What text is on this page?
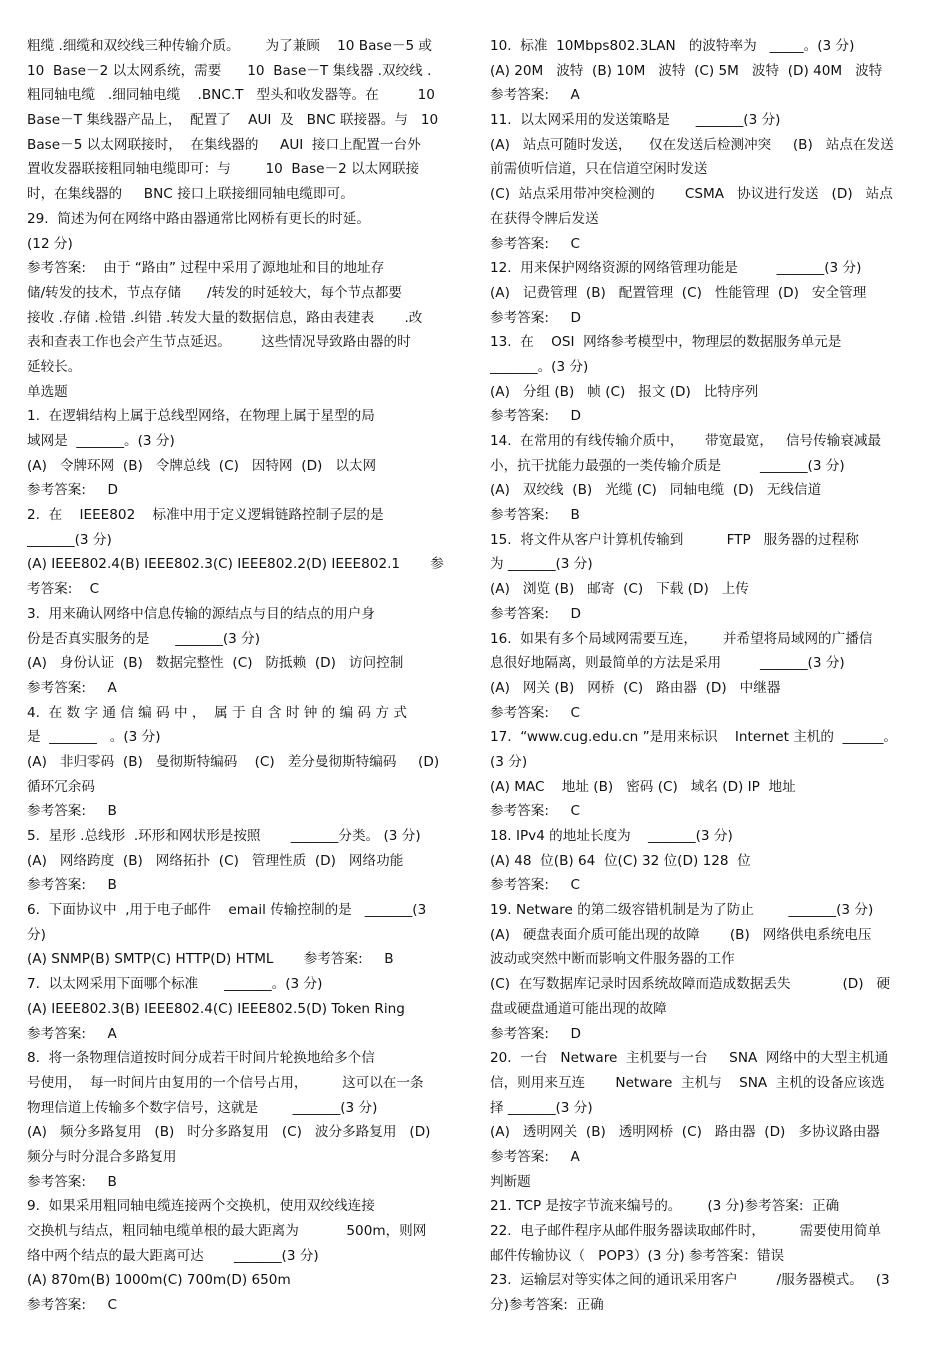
粗缆 .细缆和双绞线三种传输介质。      为了兼顾    10 Base－5 或
10  Base－2 以太网系统，需要      10  Base－T 集线器 .双绞线 .
粗同轴电缆   .细同轴电缆    .BNC.T   型头和收发器等。在         10
Base－T 集线器产品上，  配置了    AUI  及   BNC 联接器。与   10
Base－5 以太网联接时，  在集线器的     AUI  接口上配置一台外
置收发器联接粗同轴电缆即可：与        10  Base－2 以太网联接
时，在集线器的     BNC 接口上联接细同轴电缆即可。
29.  简述为何在网络中路由器通常比网桥有更长的时延。
(12 分)
参考答案:    由于 “路由” 过程中采用了源地址和目的地址存
储/转发的技术，节点存储      /转发的时延较大，每个节点都要
接收 .存储 .检错 .纠错 .转发大量的数据信息，路由表建表       .改
表和查表工作也会产生节点延迟。       这些情况导致路由器的时
延较长。
单选题
1.  在逻辑结构上属于总线型网络，在物理上属于星型的局
域网是  _______。(3 分)
(A)   令牌环网  (B)   令牌总线  (C)   因特网  (D)   以太网
参考答案:     D
2.  在    IEEE802    标准中用于定义逻辑链路控制子层的是
_______(3 分)
(A) IEEE802.4(B) IEEE802.3(C) IEEE802.2(D) IEEE802.1       参
考答案:    C
3.  用来确认网络中信息传输的源结点与目的结点的用户身
份是否真实服务的是      _______(3 分)
(A)   身份认证  (B)   数据完整性  (C)   防抵赖  (D)   访问控制
参考答案:     A
4.  在 数 字 通 信 编 码 中 ，  属 于 自 含 时 钟 的 编 码 方 式
是  _______   。(3 分)
(A)   非归零码  (B)   曼彻斯特编码    (C)   差分曼彻斯特编码     (D)
循环冗余码
参考答案:     B
5.  星形 .总线形  .环形和网状形是按照       _______分类。 (3 分)
(A)   网络跨度  (B)   网络拓扑  (C)   管理性质  (D)   网络功能
参考答案:     B
6.  下面协议中  ,用于电子邮件    email 传输控制的是   _______(3
分)
(A) SNMP(B) SMTP(C) HTTP(D) HTML       参考答案:     B
7.  以太网采用下面哪个标准      _______。(3 分)
(A) IEEE802.3(B) IEEE802.4(C) IEEE802.5(D) Token Ring
参考答案:     A
8.  将一条物理信道按时间分成若干时间片轮换地给多个信
号使用，  每一时间片由复用的一个信号占用，        这可以在一条
物理信道上传输多个数字信号，这就是        _______(3 分)
(A)   频分多路复用   (B)   时分多路复用   (C)   波分多路复用   (D)
频分与时分混合多路复用
参考答案:     B
9.  如果采用粗同轴电缆连接两个交换机，使用双绞线连接
交换机与结点，粗同轴电缆单根的最大距离为           500m，则网
络中两个结点的最大距离可达       _______(3 分)
(A) 870m(B) 1000m(C) 700m(D) 650m
参考答案:     C
10.  标准  10Mbps802.3LAN   的波特率为   _____。(3 分)
(A) 20M   波特  (B) 10M   波特  (C) 5M   波特  (D) 40M   波特
参考答案:     A
11.  以太网采用的发送策略是      _______(3 分)
(A)   站点可随时发送，    仅在发送后检测冲突     (B)   站点在发送
前需侦听信道，只在信道空闲时发送
(C)  站点采用带冲突检测的       CSMA   协议进行发送   (D)   站点
在获得令牌后发送
参考答案:     C
12.  用来保护网络资源的网络管理功能是         _______(3 分)
(A)   记费管理  (B)   配置管理  (C)   性能管理  (D)   安全管理
参考答案:     D
13.  在    OSI  网络参考模型中，物理层的数据服务单元是
_______。(3 分)
(A)   分组 (B)   帧 (C)   报文 (D)   比特序列
参考答案:     D
14.  在常用的有线传输介质中，     带宽最宽，   信号传输衰减最
小，抗干扰能力最强的一类传输介质是         _______(3 分)
(A)   双绞线  (B)   光缆 (C)   同轴电缆  (D)   无线信道
参考答案:     B
15.  将文件从客户计算机传输到          FTP   服务器的过程称
为 _______(3 分)
(A)   浏览 (B)   邮寄  (C)   下载 (D)   上传
参考答案:     D
16.  如果有多个局域网需要互连，      并希望将局域网的广播信
息很好地隔离，则最简单的方法是采用         _______(3 分)
(A)   网关 (B)   网桥  (C)   路由器  (D)   中继器
参考答案:     C
17.  “www.cug.edu.cn ”是用来标识    Internet 主机的  ______。
(3 分)
(A) MAC    地址 (B)   密码 (C)   域名 (D) IP  地址
参考答案:     C
18. IPv4 的地址长度为    _______(3 分)
(A) 48  位(B) 64  位(C) 32 位(D) 128  位
参考答案:     C
19. Netware 的第二级容错机制是为了防止        _______(3 分)
(A)   硬盘表面介质可能出现的故障       (B)   网络供电系统电压
波动或突然中断而影响文件服务器的工作
(C)  在写数据库记录时因系统故障而造成数据丢失            (D)   硬
盘或硬盘通道可能出现的故障
参考答案:     D
20.  一台   Netware  主机要与一台     SNA  网络中的大型主机通
信，则用来互连       Netware  主机与    SNA  主机的设备应该选
择 _______(3 分)
(A)   透明网关  (B)   透明网桥  (C)   路由器  (D)   多协议路由器
参考答案:     A
判断题
21. TCP 是按字节流来编号的。      (3 分)参考答案:  正确
22.  电子邮件程序从邮件服务器读取邮件时，        需要使用简单
邮件传输协议（   POP3）(3 分) 参考答案：错误
23.  运输层对等实体之间的通讯采用客户         /服务器模式。   (3
分)参考答案:  正确
